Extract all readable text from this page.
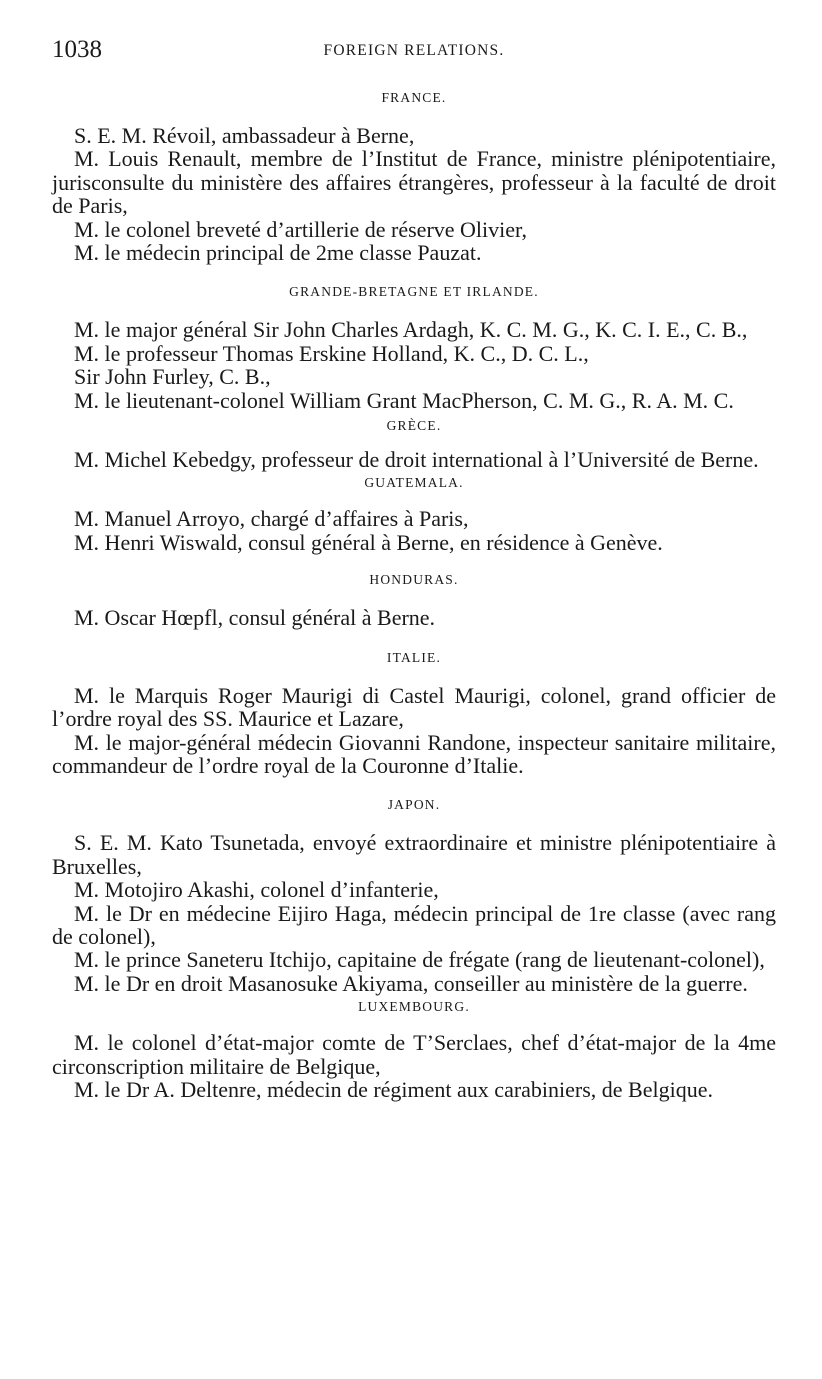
1038	FOREIGN RELATIONS.
FRANCE.

S. E. M. Révoil, ambassadeur à Berne,

M. Louis Renault, membre de l’Institut de France, ministre plénipotentiaire, jurisconsulte du ministère des affaires étrangères, professeur à la faculté de droit de Paris,

M. le colonel breveté d’artillerie de réserve Olivier,

M. le médecin principal de 2me classe Pauzat.

GRANDE-BRETAGNE ET IRLANDE.

M. le major général Sir John Charles Ardagh, K. C. M. G., K. C. I. E., C. B.,

M. le professeur Thomas Erskine Holland, K. C., D. C. L.,

Sir John Furley, C. B.,

M. le lieutenant-colonel William Grant MacPherson, C. M. G., R. A. M. C.

GRÈCE.

M. Michel Kebedgy, professeur de droit international à l’Université de Berne.

GUATEMALA.

M. Manuel Arroyo, chargé d’affaires à Paris,

M. Henri Wiswald, consul général à Berne, en résidence à Genève.

HONDURAS.

M. Oscar Hœpfl, consul général à Berne.

ITALIE.

M. le Marquis Roger Maurigi di Castel Maurigi, colonel, grand officier de l’ordre royal des SS. Maurice et Lazare,

M. le major-général médecin Giovanni Randone, inspecteur sanitaire militaire, commandeur de l’ordre royal de la Couronne d’Italie.

JAPON.

S. E. M. Kato Tsunetada, envoyé extraordinaire et ministre plénipotentiaire à Bruxelles,

M. Motojiro Akashi, colonel d’infanterie,

M. le Dr en médecine Eijiro Haga, médecin principal de 1re classe (avec rang de colonel),

M. le prince Saneteru Itchijo, capitaine de frégate (rang de lieutenant-colonel),

M. le Dr en droit Masanosuke Akiyama, conseiller au ministère de la guerre.

LUXEMBOURG.

M. le colonel d’état-major comte de T’Serclaes, chef d’état-major de la 4me circonscription militaire de Belgique,

M. le Dr A. Deltenre, médecin de régiment aux carabiniers, de Belgique.
